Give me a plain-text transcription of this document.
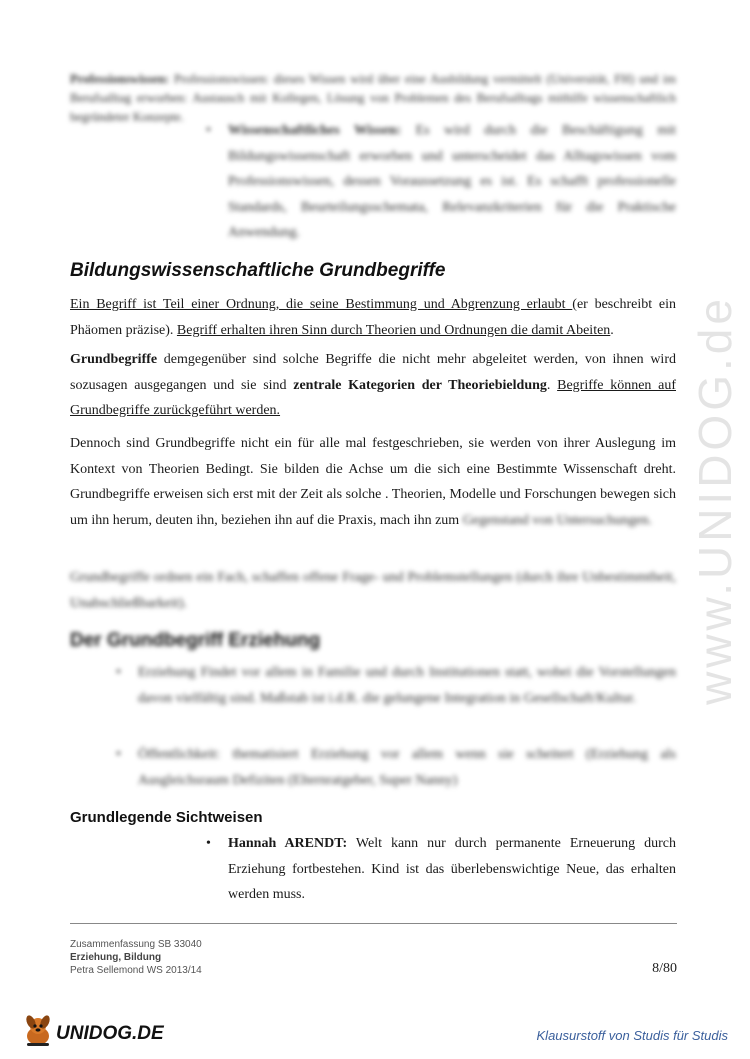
Professionswissen: Professionswissen: dieses Wissen wird über eine Ausbildung vermittelt (Universität, FH) und im Berufsalltag erworben: Austausch mit Kollegen, Lösung von Problemen des Berufsalltags mithilfe wissenschaftlich begründeter Konzepte.

• Wissenschaftliches Wissen: Es wird durch die Beschäftigung mit Bildungswissenschaft erworben und unterscheidet das Alltagswissen vom Professionswissen, dessen Voraussetzung es ist. Es schafft professionelle Standards, Beurteilungsschemata, Relevanzkriterien für die Praktische Anwendung.

Bildungswissenschaftliche Grundbegriffe

Ein Begriff ist Teil einer Ordnung, die seine Bestimmung und Abgrenzung erlaubt (er beschreibt ein Phäomen präzise). Begriff erhalten ihren Sinn durch Theorien und Ordnungen die damit Abeiten.

Grundbegriffe demgegenüber sind solche Begriffe die nicht mehr abgeleitet werden, von ihnen wird sozusagen ausgegangen und sie sind zentrale Kategorien der Theoriebieldung. Begriffe können auf Grundbegriffe zurückgeführt werden.

Dennoch sind Grundbegriffe nicht ein für alle mal festgeschrieben, sie werden von ihrer Auslegung im Kontext von Theorien Bedingt. Sie bilden die Achse um die sich eine Bestimmte Wissenschaft dreht. Grundbegriffe erweisen sich erst mit der Zeit als solche . Theorien, Modelle und Forschungen bewegen sich um ihn herum, deuten ihn, beziehen ihn auf die Praxis, mach ihn zum Gegenstand von Untersuchungen.

Grundbegriffe ordnen ein Fach, schaffen offene Frage- und Problemstellungen (durch ihre Unbestimmtheit, Unabschließbarkeit).

Der Grundbegriff Erziehung

• Erziehung Findet vor allem in Familie und durch Institutionen statt, wobei die Vorstellungen davon vielfältig sind. Maßstab ist i.d.R. die gelungene Integration in Gesellschaft/Kultur.

• Öffentlichkeit: thematisiert Erziehung vor allem wenn sie scheitert (Erziehung als Ausgleichsraum Defiziten (Elternratgeber, Super Nanny)

Grundlegende Sichtweisen

• Hannah ARENDT: Welt kann nur durch permanente Erneuerung durch Erziehung fortbestehen. Kind ist das überlebenswichtige Neue, das erhalten werden muss.

www.UNIDOG.de
Zusammenfassung SB 33040
Erziehung, Bildung
Petra Sellemond WS 2013/14	8/80
UNIDOG.DE	Klausurstoff von Studis für Studis
